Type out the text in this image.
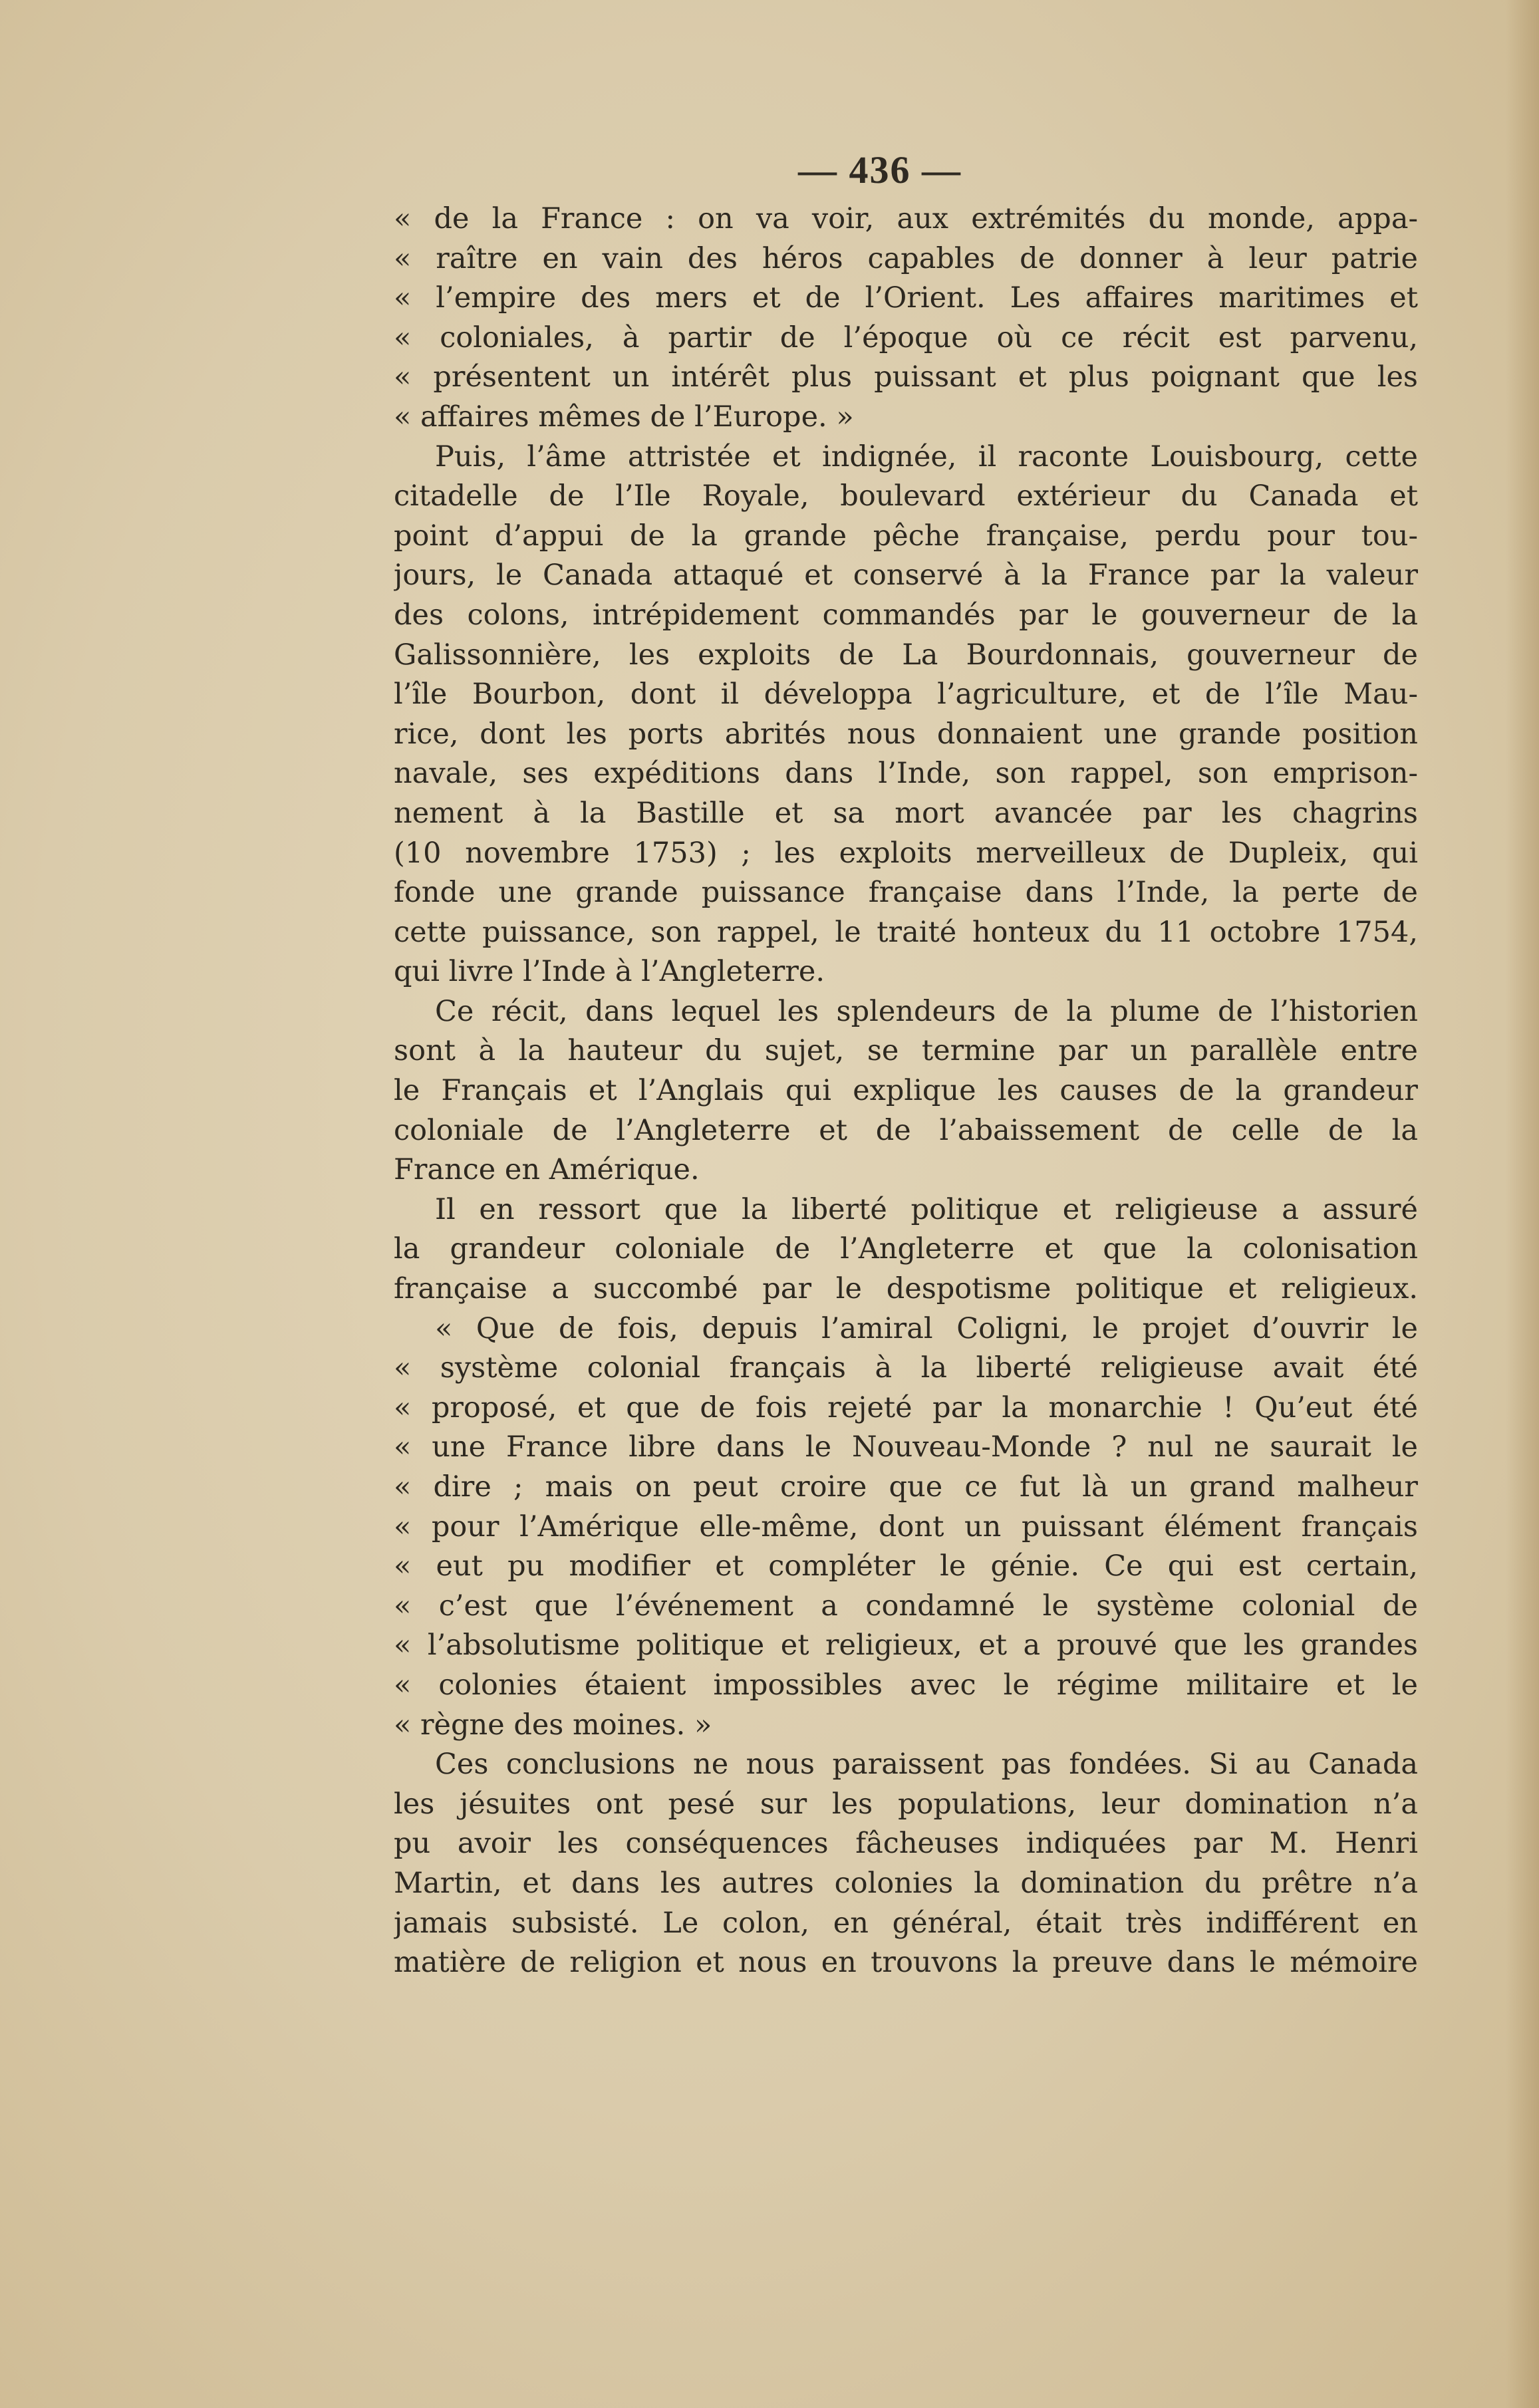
— 436 —
« de la France : on va voir, aux extrémités du monde, appa-
« raître en vain des héros capables de donner à leur patrie
« l’empire des mers et de l’Orient. Les affaires maritimes et
« coloniales, à partir de l’époque où ce récit est parvenu,
« présentent un intérêt plus puissant et plus poignant que les
« affaires mêmes de l’Europe. »
Puis, l’âme attristée et indignée, il raconte Louisbourg, cette
citadelle de l’Ile Royale, boulevard extérieur du Canada et
point d’appui de la grande pêche française, perdu pour tou-
jours, le Canada attaqué et conservé à la France par la valeur
des colons, intrépidement commandés par le gouverneur de la
Galissonnière, les exploits de La Bourdonnais, gouverneur de
l’île Bourbon, dont il développa l’agriculture, et de l’île Mau-
rice, dont les ports abrités nous donnaient une grande position
navale, ses expéditions dans l’Inde, son rappel, son emprison-
nement à la Bastille et sa mort avancée par les chagrins
(10 novembre 1753) ; les exploits merveilleux de Dupleix, qui
fonde une grande puissance française dans l’Inde, la perte de
cette puissance, son rappel, le traité honteux du 11 octobre 1754,
qui livre l’Inde à l’Angleterre.
Ce récit, dans lequel les splendeurs de la plume de l’historien
sont à la hauteur du sujet, se termine par un parallèle entre
le Français et l’Anglais qui explique les causes de la grandeur
coloniale de l’Angleterre et de l’abaissement de celle de la
France en Amérique.
Il en ressort que la liberté politique et religieuse a assuré
la grandeur coloniale de l’Angleterre et que la colonisation
française a succombé par le despotisme politique et religieux.
« Que de fois, depuis l’amiral Coligni, le projet d’ouvrir le
« système colonial français à la liberté religieuse avait été
« proposé, et que de fois rejeté par la monarchie ! Qu’eut été
« une France libre dans le Nouveau-Monde ? nul ne saurait le
« dire ; mais on peut croire que ce fut là un grand malheur
« pour l’Amérique elle-même, dont un puissant élément français
« eut pu modifier et compléter le génie. Ce qui est certain,
« c’est que l’événement a condamné le système colonial de
« l’absolutisme politique et religieux, et a prouvé que les grandes
« colonies étaient impossibles avec le régime militaire et le
« règne des moines. »
Ces conclusions ne nous paraissent pas fondées. Si au Canada
les jésuites ont pesé sur les populations, leur domination n’a
pu avoir les conséquences fâcheuses indiquées par M. Henri
Martin, et dans les autres colonies la domination du prêtre n’a
jamais subsisté. Le colon, en général, était très indifférent en
matière de religion et nous en trouvons la preuve dans le mémoire
